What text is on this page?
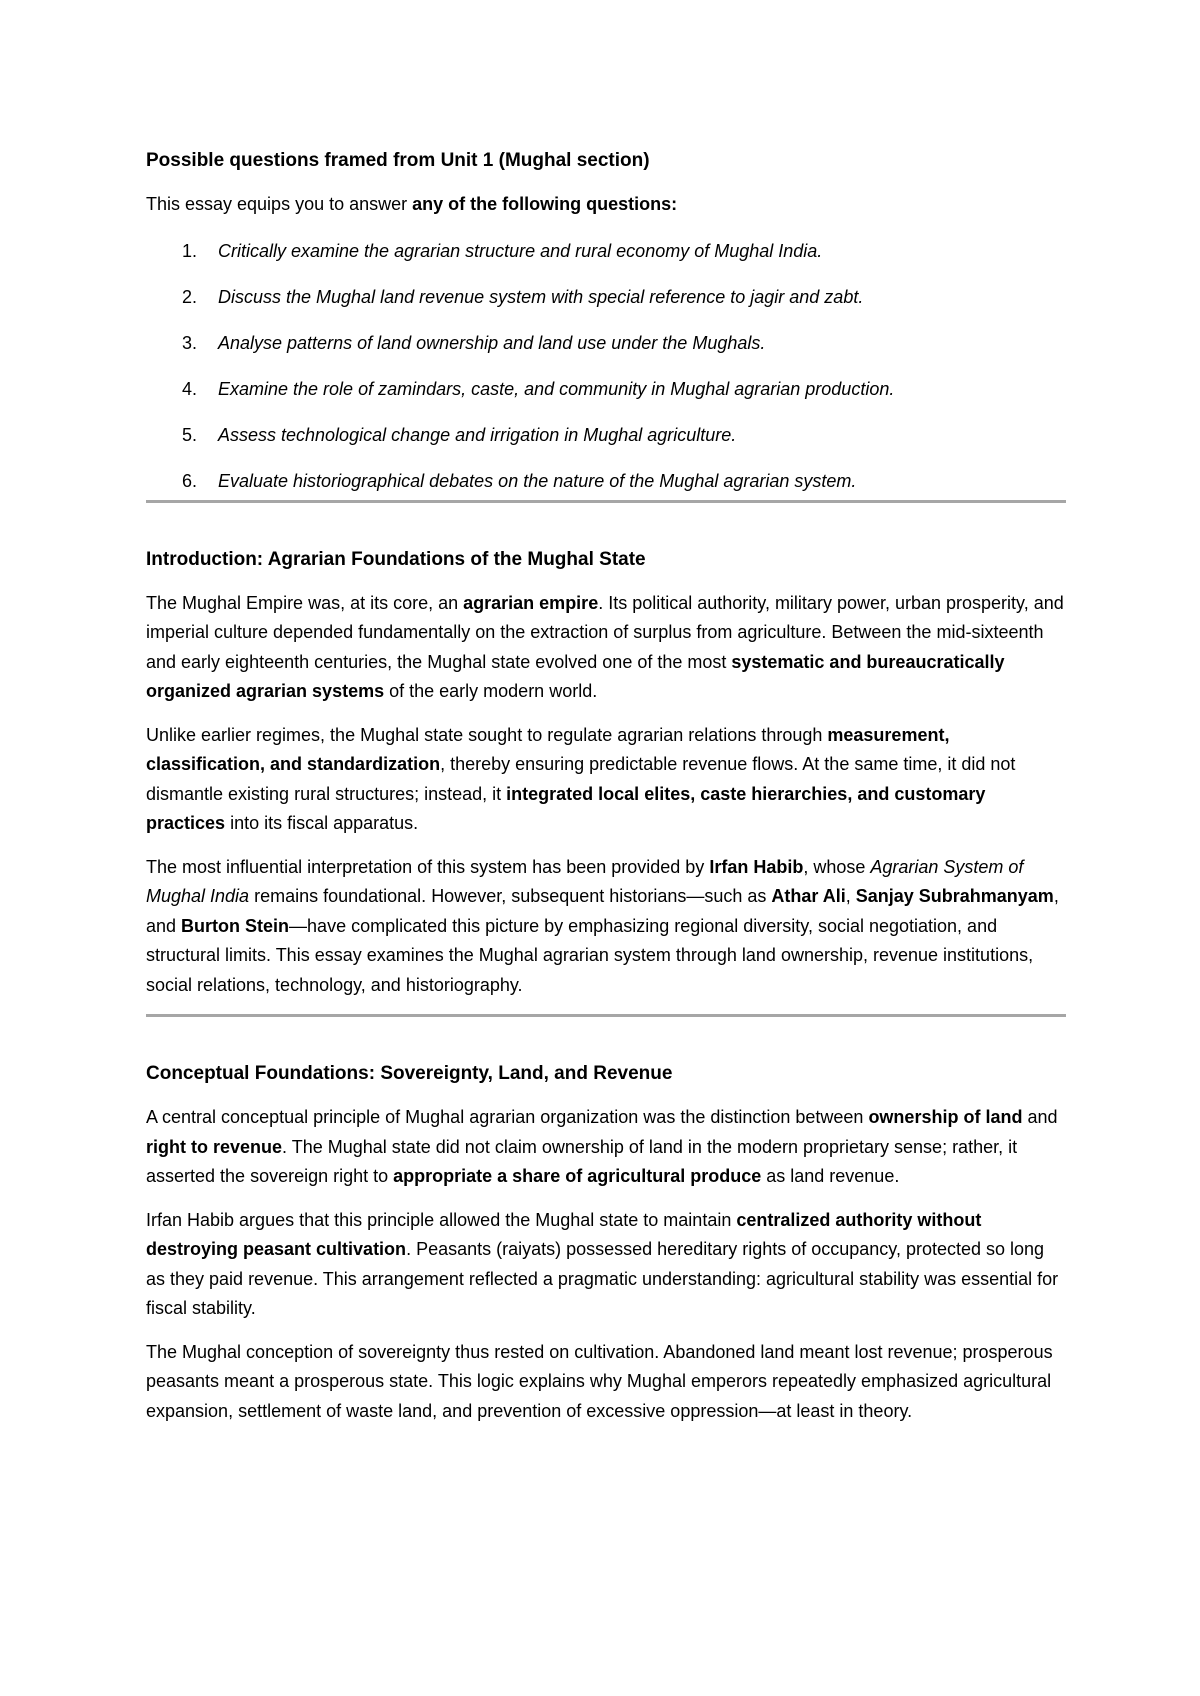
Possible questions framed from Unit 1 (Mughal section)

This essay equips you to answer any of the following questions:

1. Critically examine the agrarian structure and rural economy of Mughal India.
2. Discuss the Mughal land revenue system with special reference to jagir and zabt.
3. Analyse patterns of land ownership and land use under the Mughals.
4. Examine the role of zamindars, caste, and community in Mughal agrarian production.
5. Assess technological change and irrigation in Mughal agriculture.
6. Evaluate historiographical debates on the nature of the Mughal agrarian system.
Introduction: Agrarian Foundations of the Mughal State

The Mughal Empire was, at its core, an agrarian empire. Its political authority, military power, urban prosperity, and imperial culture depended fundamentally on the extraction of surplus from agriculture. Between the mid-sixteenth and early eighteenth centuries, the Mughal state evolved one of the most systematic and bureaucratically organized agrarian systems of the early modern world.

Unlike earlier regimes, the Mughal state sought to regulate agrarian relations through measurement, classification, and standardization, thereby ensuring predictable revenue flows. At the same time, it did not dismantle existing rural structures; instead, it integrated local elites, caste hierarchies, and customary practices into its fiscal apparatus.

The most influential interpretation of this system has been provided by Irfan Habib, whose Agrarian System of Mughal India remains foundational. However, subsequent historians—such as Athar Ali, Sanjay Subrahmanyam, and Burton Stein—have complicated this picture by emphasizing regional diversity, social negotiation, and structural limits. This essay examines the Mughal agrarian system through land ownership, revenue institutions, social relations, technology, and historiography.

Conceptual Foundations: Sovereignty, Land, and Revenue

A central conceptual principle of Mughal agrarian organization was the distinction between ownership of land and right to revenue. The Mughal state did not claim ownership of land in the modern proprietary sense; rather, it asserted the sovereign right to appropriate a share of agricultural produce as land revenue.

Irfan Habib argues that this principle allowed the Mughal state to maintain centralized authority without destroying peasant cultivation. Peasants (raiyats) possessed hereditary rights of occupancy, protected so long as they paid revenue. This arrangement reflected a pragmatic understanding: agricultural stability was essential for fiscal stability.

The Mughal conception of sovereignty thus rested on cultivation. Abandoned land meant lost revenue; prosperous peasants meant a prosperous state. This logic explains why Mughal emperors repeatedly emphasized agricultural expansion, settlement of waste land, and prevention of excessive oppression—at least in theory.
